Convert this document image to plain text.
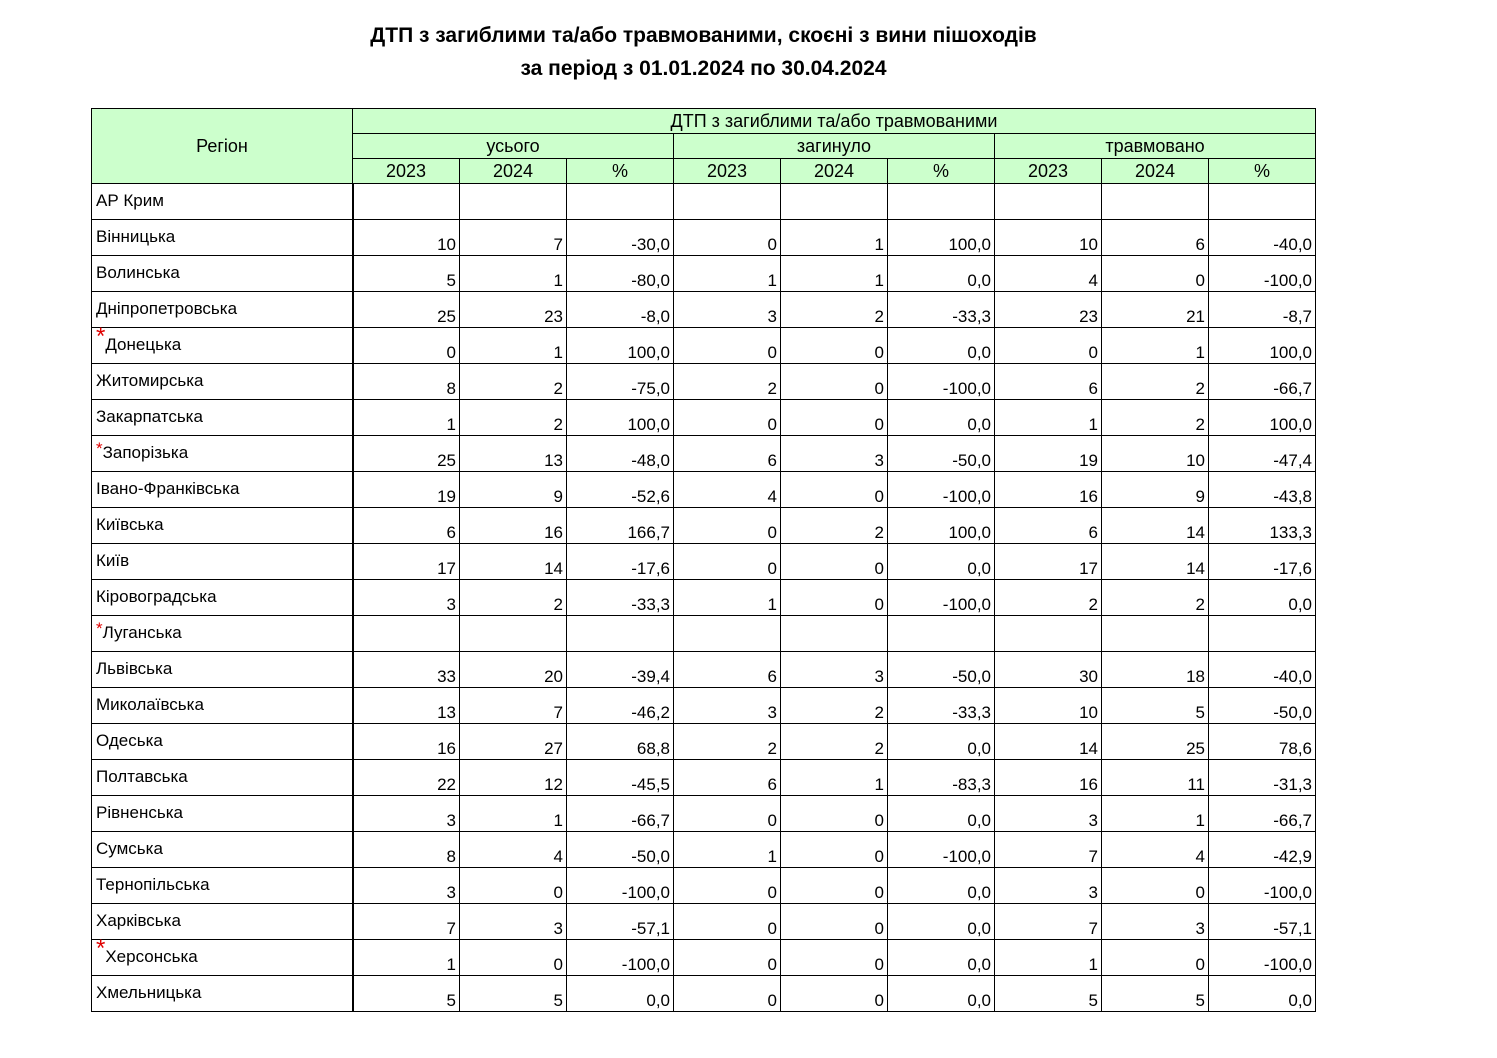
ДТП з загиблими та/або травмованими, скоєні з вини пішоходів
за період з 01.01.2024 по 30.04.2024
Регіон	ДТП з загиблими та/або травмованими								
	усього			загинуло			травмовано		
	2023	2024	%	2023	2024	%	2023	2024	%
АР Крим									
Вінницька	10	7	-30,0	0	1	100,0	10	6	-40,0
Волинська	5	1	-80,0	1	1	0,0	4	0	-100,0
Дніпропетровська	25	23	-8,0	3	2	-33,3	23	21	-8,7
*Донецька	0	1	100,0	0	0	0,0	0	1	100,0
Житомирська	8	2	-75,0	2	0	-100,0	6	2	-66,7
Закарпатська	1	2	100,0	0	0	0,0	1	2	100,0
*Запорізька	25	13	-48,0	6	3	-50,0	19	10	-47,4
Івано-Франківська	19	9	-52,6	4	0	-100,0	16	9	-43,8
Київська	6	16	166,7	0	2	100,0	6	14	133,3
Київ	17	14	-17,6	0	0	0,0	17	14	-17,6
Кіровоградська	3	2	-33,3	1	0	-100,0	2	2	0,0
*Луганська									
Львівська	33	20	-39,4	6	3	-50,0	30	18	-40,0
Миколаївська	13	7	-46,2	3	2	-33,3	10	5	-50,0
Одеська	16	27	68,8	2	2	0,0	14	25	78,6
Полтавська	22	12	-45,5	6	1	-83,3	16	11	-31,3
Рівненська	3	1	-66,7	0	0	0,0	3	1	-66,7
Сумська	8	4	-50,0	1	0	-100,0	7	4	-42,9
Тернопільська	3	0	-100,0	0	0	0,0	3	0	-100,0
Харківська	7	3	-57,1	0	0	0,0	7	3	-57,1
*Херсонська	1	0	-100,0	0	0	0,0	1	0	-100,0
Хмельницька	5	5	0,0	0	0	0,0	5	5	0,0
